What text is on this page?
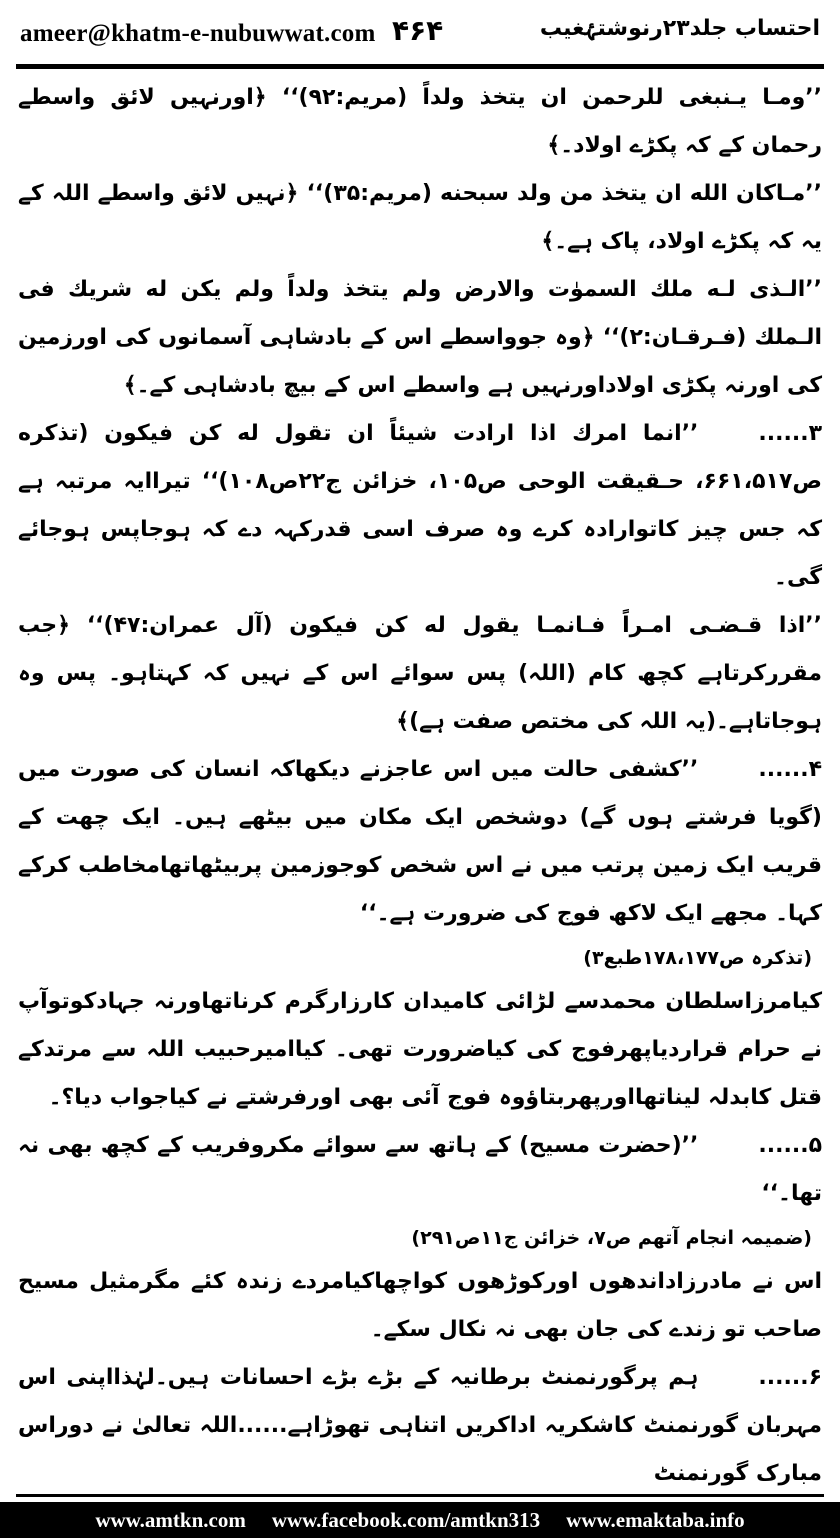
ameer@khatm-e-nubuwwat.com ۴۶۴	احتساب جلد۲۳رنوشتۂغیب

’’ومـا يـنبغى للرحمن ان يتخذ ولداً (مريم:۹۲)‘‘ ﴿اورنہیں لائق واسطے رحمان کے کہ پکڑے اولاد۔﴾

’’مـاكان الله ان يتخذ من ولد سبحنه (مريم:۳۵)‘‘ ﴿نہیں لائق واسطے اللہ کے یہ کہ پکڑے اولاد، پاک ہے۔﴾

’’الـذى لـه ملك السموٰت والارض ولم يتخذ ولداً ولم يكن له شريك فى الـملك (فـرقـان:۲)‘‘ ﴿وہ جوواسطے اس کے بادشاہی آسمانوں کی اورزمین کی اورنہ پکڑی اولاداورنہیں ہے واسطے اس کے بیچ بادشاہی کے۔﴾

۳......’’انما امرك اذا ارادت شيئاً ان تقول له كن فيكون (تذكره ص۶۶۱،۵۱۷، حـقيقت الوحى ص۱۰۵، خزائن ج۲۲ص۱۰۸)‘‘ تیراایہ مرتبہ ہے کہ جس چیز کاتوارادہ کرے وہ صرف اسی قدرکہہ دے کہ ہوجاپس ہوجائے گی۔

’’اذا قـضـى امـراً فـانمـا يقول له كن فيكون (آل عمران:۴۷)‘‘ ﴿جب مقررکرتاہے کچھ کام (اللہ) پس سوائے اس کے نہیں کہ کہتاہو۔ پس وہ ہوجاتاہے۔(یہ اللہ کی مختص صفت ہے)﴾

۴......’’کشفی حالت میں اس عاجزنے دیکھاکہ انسان کی صورت میں (گویا فرشتے ہوں گے) دوشخص ایک مکان میں بیٹھے ہیں۔ ایک چھت کے قریب ایک زمین پرتب میں نے اس شخص کوجوزمین پربیٹھاتھامخاطب کرکے کہا۔ مجھے ایک لاکھ فوج کی ضرورت ہے۔‘‘

(تذکرہ ص۱۷۸،۱۷۷طبع۳)

کیامرزاسلطان محمدسے لڑائی کامیدان کارزارگرم کرناتھاورنہ جہادکوتوآپ نے حرام قراردیاپھرفوج کی کیاضرورت تھی۔ کیاامیرحبیب اللہ سے مرتدکے قتل کابدلہ لیناتھااورپھربتاؤوہ فوج آئی بھی اورفرشتے نے کیاجواب دیا؟۔

۵......’’(حضرت مسیح) کے ہاتھ سے سوائے مکروفریب کے کچھ بھی نہ تھا۔‘‘

(ضمیمہ انجام آتھم ص۷، خزائن ج۱۱ص۲۹۱)

اس نے مادرزاداندھوں اورکوڑھوں کواچھاکیامردے زندہ کئے مگرمثیل مسیح صاحب تو زندے کی جان بھی نہ نکال سکے۔

۶......ہم پرگورنمنٹ برطانیہ کے بڑے بڑے احسانات ہیں۔لہٰذااپنی اس مہربان گورنمنٹ کاشکریہ اداکریں اتناہی تھوڑاہے......اللہ تعالیٰ نے دوراس مبارک گورنمنٹ

www.amtkn.com www.facebook.com/amtkn313 www.emaktaba.info
